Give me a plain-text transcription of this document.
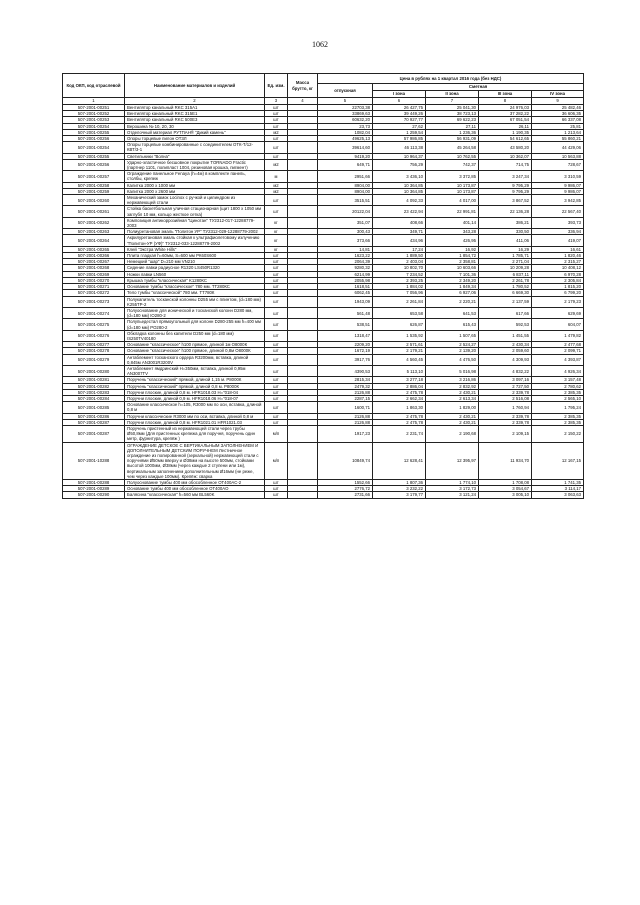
1062
Код ОКП, код отраслевой	Наименование материалов и изделий	Ед. изм.	Масса брутто, кг	Цена в рублях на 1 квартал 2016 года (без НДС)				
				отпускная	Сметная			
					I зона	II зона	III зона	IV зона
1	2	3	4	5	6	7	8	9
507-2001-00251	Вентилятор канальный RKC 315A1	шт		22703,38	26 427,75	25 041,30	24 976,03	25 482,46
507-2001-00252	Вентилятор канальный RKC 315E1	шт		33869,63	39 449,26	38 723,13	37 282,22	36 606,35
507-2001-00253	Вентилятор канальный RKC 500E3	шт		60632,20	70 927,77	69 622,23	67 051,54	66 337,08
507-2001-00254	Верошина № 10, 20, 30	шт		23,73	27,62	27,11	26,11	25,81
507-2001-00255	Отделочный материал РУТПАН® "Дикий камень"	м2		1082,04	1 259,54	1 236,36	1 190,35	1 213,64
507-2001-00256	Опоры торцевые пилон ОТ3Л	шт		49625,13	57 986,85	56 931,09	54 612,65	55 860,21
507-2001-00254	Опоры торцевые комбинированные с соединителем ОТК-Т/12-КВТ/3-1	шт		39614,60	46 113,38	45 264,58	43 580,20	44 429,06
507-2001-00255	Светильники "Волна"	шт		9419,20	10 964,37	10 762,55	10 362,07	10 563,88
507-2001-00256	Ударно-эластичное бесшовное покрытие TORNADO Fractic (партнер 1101, полипласт 1004, резиновая крошка, пигмент)	м2		649,71	756,29	742,37	714,75	728,67
507-2001-00257	Ограждение панельное Fenaya (h=4м) в комплекте панель, столбы, крепеж	м		2951,66	3 436,10	3 372,85	3 247,34	3 310,59
507-2001-00258	Калитка 2000 x 1000 мм	м2		8904,00	10 364,85	10 173,87	9 795,29	9 986,07
507-2001-00259	Калитка 2000 x 2600 мм	м2		8904,00	10 364,85	10 173,87	9 795,29	9 986,07
507-2001-00260	Механический замок Locinox с ручкой и цилиндром из нержавеющей стали	шт		3515,51	4 092,33	4 017,00	3 867,52	3 942,85
507-2001-00261	Стойка баскетбольная уличная стационарная (щит 1800 x 1050 мм заглубл 10 мм, кольцо жесткое сетка)	шт		20122,04	23 422,94	22 991,81	22 136,28	22 567,40
507-2001-00262	Композиция антикоррозийная "Цинотан" ТУ2312-017-12288779-2003	кг		351,07	408,66	401,14	386,21	393,73
507-2001-00263	Полиуретановая эмаль "Политон УР" ТУ2312-029-12288779-2002	кг		300,43	349,71	343,28	330,50	336,94
507-2001-00264	Акрилуретановая эмаль стойкая к ультрафиолетовому излучению "Политон-УР (УФ)" ТУ2312-033-12288779-2002	кг		373,66	434,96	426,95	411,06	419,07
507-2001-00265	Клей "Экстра White Hills"	кг		14,81	17,24	16,92	16,29	16,61
507-2001-00266	Плита гладкая h=60мм, S=600 мм РК60S600	шт		1623,22	1 889,50	1 854,72	1 785,71	1 820,46
507-2001-00267	Немецкий "шар" D=210 мм VN210	шт		2064,39	2 403,04	2 358,81	2 271,04	2 315,27
507-2001-00268	Сидение лавки радиусное R1320 LS450R1320	шт		9280,32	10 802,70	10 603,66	10 209,28	10 408,12
507-2001-00269	Ножки лавки LN560	шт		6214,99	7 234,52	7 101,36	6 837,11	6 970,28
507-2001-00270	Крышка тумбы "классическая" K1280КС	шт		2055,98	2 393,25	2 349,20	2 261,78	2 305,84
507-2001-00271	Основание тумбы "классическое" 780 мм. TT280КС	шт		1618,51	1 884,02	1 849,34	1 780,52	1 815,20
507-2001-00272	Тело тумбы "классической" 780 мм. TT780К	шт		6062,45	7 056,96	6 927,06	6 669,30	6 799,20
507-2001-00273	Полукапитель тосканской колонны D255 мм с плинтом, (d=180 мм) K255ТР-2	шт		1943,09	2 261,84	2 220,21	2 137,59	2 179,23
507-2001-00274	Полуоснование для ионической и тосканской колонн D280 мм, (d=180 мм) IO280-2	шт		561,48	653,58	641,53	617,66	629,69
507-2001-00275	Полупьедестал прямоугольный для колонн D280-255 мм h=400 мм (d=180 мм) PO280-2	шт		538,51	626,87	615,43	592,53	604,07
507-2001-00276	Обкладка колонны без капители D250 мм (d=180 мм) IS250TV40180	шт		1318,47	1 535,92	1 507,65	1 451,55	1 479,82
507-2001-00277	Основание "классическое" h100 прямое, длиной 1м O8000К	шт		2209,20	2 571,61	2 524,27	2 430,34	2 477,68
507-2001-00278	Основание "классическое" h100 прямое, длиной 0,8м O8000К	шт		1672,19	2 179,21	2 139,20	2 059,60	2 099,71
507-2001-00279	Антаблемент тосканского ордера R3200мм, вставка, длиной 0,845м AN3001R3200V	шт		3917,76	4 560,45	4 476,50	4 309,93	4 393,87
507-2001-00280	Антаблемент ямдринский H=350мм, вставка, длиной 0,95м AN3007TV	шт		4390,53	5 113,10	5 016,98	4 832,22	4 926,34
507-2001-00281	Поручень "классический" прямой, длиной 1,15 м. P8000К	шт		2815,34	3 277,18	3 216,86	3 097,16	3 157,48
507-2001-00282	Поручень "классический" прямой, длиной 0,8 м. P8000К	шт		2479,32	2 886,04	2 832,92	2 727,50	2 780,62
507-2001-00283	Поручни плоские, длиной 0,8 м. HFR1018.03 H="018-04	шт		2126,88	2 475,78	2 430,21	2 339,78	2 385,35
507-2001-00284	Поручни плоские, длиной 0,9 м. HFR1018.06 H="018-07	шт		2287,15	2 662,34	2 613,34	2 516,08	2 565,10
507-2001-00285	Основание классическое h=105, R3000 мм по оси, вставка, длиной 0,8 м	шт		1600,71	1 863,30	1 829,00	1 760,94	1 795,24
507-2001-00286	Поручни классические R3000 мм по оси, вставка, длиной 0,8 м	шт		2126,88	2 475,78	2 430,21	2 339,78	2 385,35
507-2001-00287	Поручни плоские, длиной 0,8 м. HFR1021.01 HFR1021.03	шт		2126,88	2 475,78	2 430,21	2 339,78	2 385,35
507-2001-00287	Поручень пристенный из нержавеющей стали через трубы Ø50,8мм (Для пристенных крепежа для поручня, поручень один метр, фурнитура, крепёж )	м/п		1917,23	2 231,74	2 190,68	2 109,15	2 150,22
507-2001-10288	ОГРАЖДЕНИЕ ДЕТСКОЕ С ВЕРТИКАЛЬНЫМ ЗАПОЛНЕНИЕМ И ДОПОЛНИТЕЛЬНЫМ ДЕТСКИМ ПОРУЧНЕМ Лестничное ограждение из полированной (зеркальной) нержавеющей стали с поручнями Ø50мм вверху и Ø38мм на высоте 500мм, стойками высотой 1000мм, Ø38мм (через каждые 2 ступени или 1м), вертикальным заполнением дополнительным Ø16мм (не реже, чем через каждые 100мм). Крепёж: сварка	м/п		10849,74	12 628,41	12 395,97	11 934,70	12 167,15
507-2001-00288	Полуоснование тумбы 400 мм обособленное OT400AC-2	шт		1552,66	1 807,36	1 774,10	1 708,08	1 741,35
507-2001-00289	Основание тумбы 400 мм обособленное OT400AO	шт		2776,72	3 232,22	3 172,73	3 054,67	3 114,17
507-2001-00290	Балясина "классическая" h=560 мм BL560K	шт		2731,66	3 179,77	3 121,24	3 005,10	3 063,63
